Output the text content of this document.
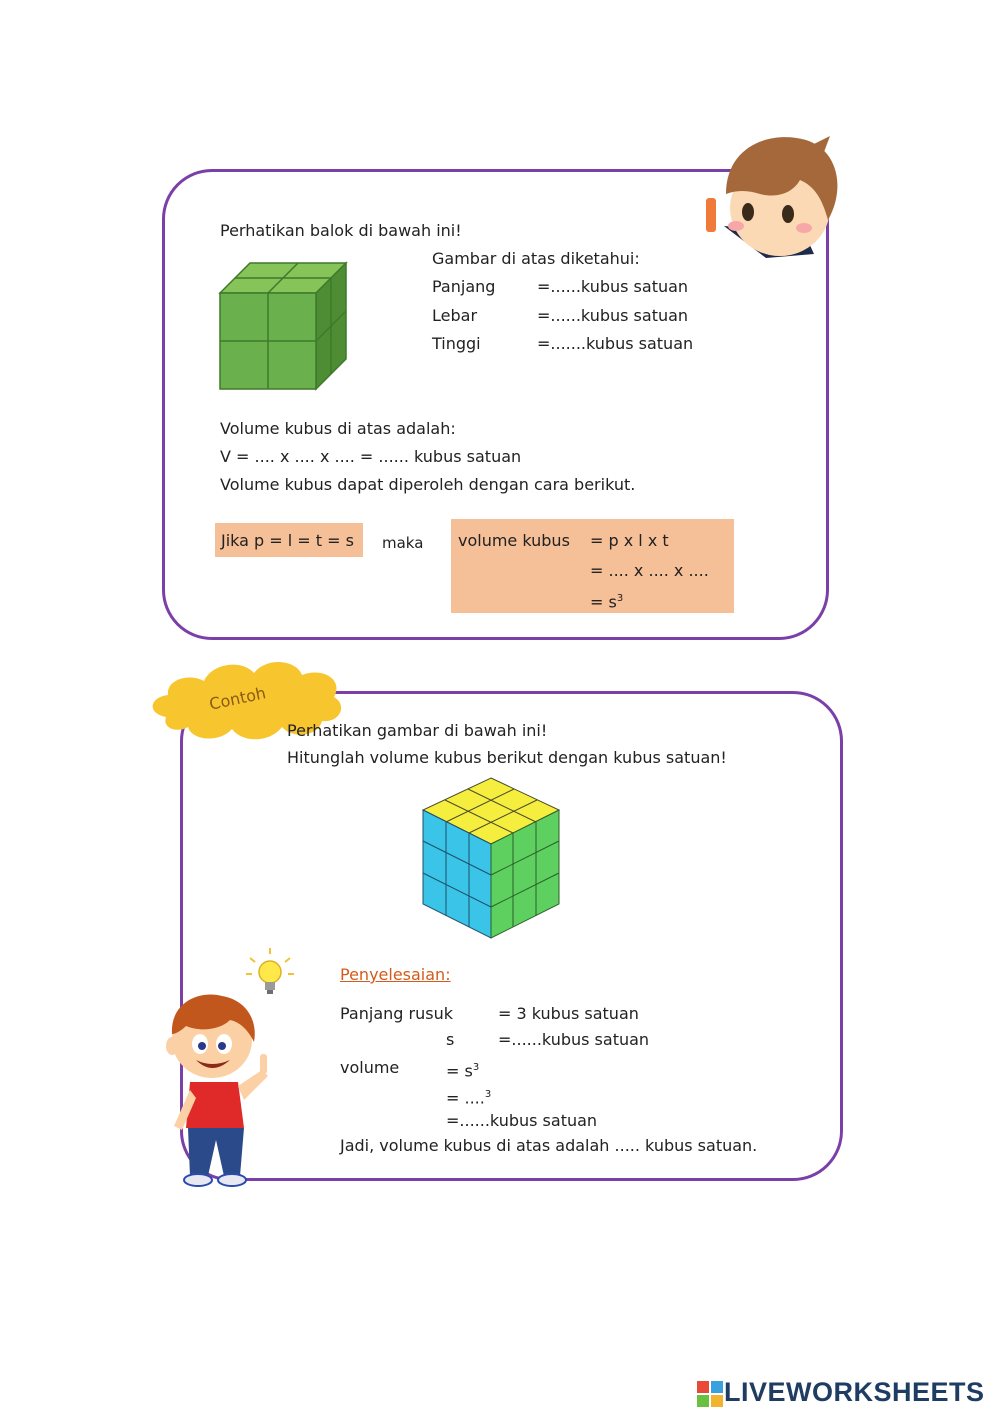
Perhatikan balok di bawah ini!
Gambar di atas diketahui:
Panjang	=......kubus satuan
Lebar	=......kubus satuan
Tinggi	=.......kubus satuan
Volume kubus di atas adalah:
V = .... x .... x .... = ...... kubus satuan
Volume kubus dapat diperoleh dengan cara berikut.
Jika p = l = t = s maka volume kubus = p x l x t
= .... x .... x ....
= $s^3$
Contoh
Perhatikan gambar di bawah ini!
Hitunglah volume kubus berikut dengan kubus satuan!
Penyelesaian:
Panjang rusuk	= 3 kubus satuan
s	=......kubus satuan
volume	= $s^3$
= ....$^3$
=......kubus satuan
Jadi, volume kubus di atas adalah ..... kubus satuan.
LIVEWORKSHEETS
